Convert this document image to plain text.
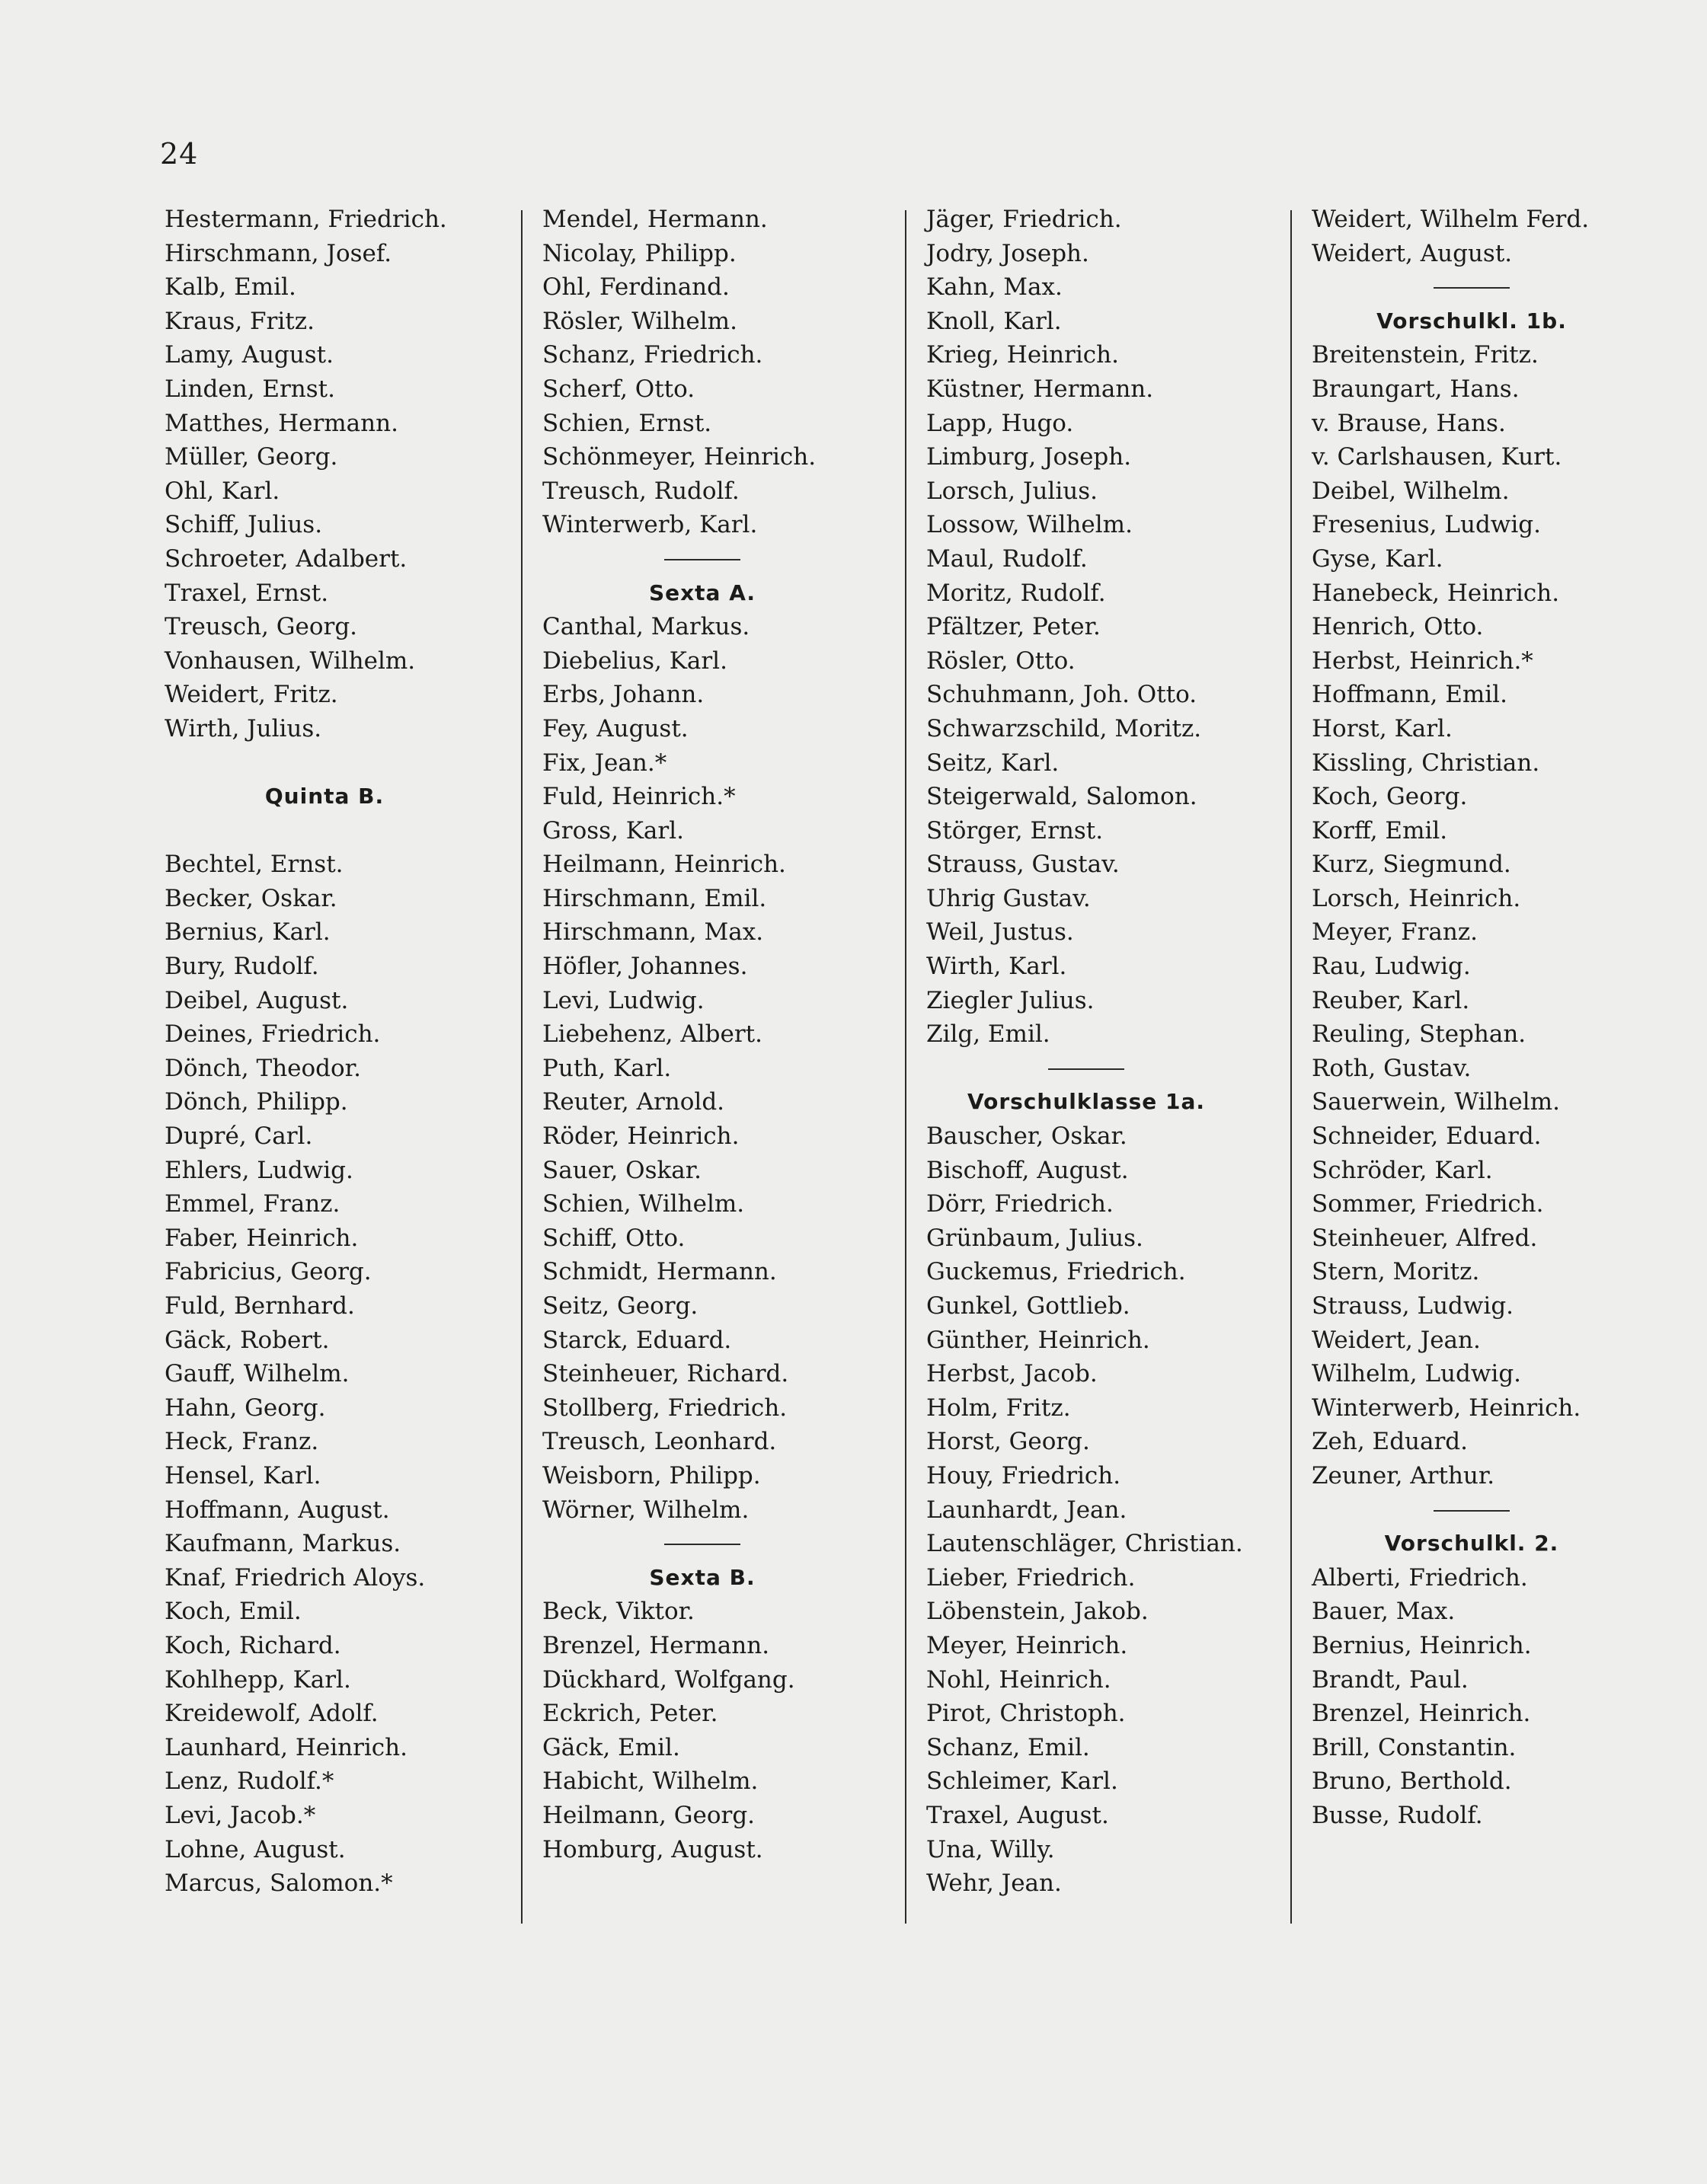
24
Hestermann, Friedrich.
Hirschmann, Josef.
Kalb, Emil.
Kraus, Fritz.
Lamy, August.
Linden, Ernst.
Matthes, Hermann.
Müller, Georg.
Ohl, Karl.
Schiff, Julius.
Schroeter, Adalbert.
Traxel, Ernst.
Treusch, Georg.
Vonhausen, Wilhelm.
Weidert, Fritz.
Wirth, Julius.
Quinta B.
Bechtel, Ernst.
Becker, Oskar.
Bernius, Karl.
Bury, Rudolf.
Deibel, August.
Deines, Friedrich.
Dönch, Theodor.
Dönch, Philipp.
Dupré, Carl.
Ehlers, Ludwig.
Emmel, Franz.
Faber, Heinrich.
Fabricius, Georg.
Fuld, Bernhard.
Gäck, Robert.
Gauff, Wilhelm.
Hahn, Georg.
Heck, Franz.
Hensel, Karl.
Hoffmann, August.
Kaufmann, Markus.
Knaf, Friedrich Aloys.
Koch, Emil.
Koch, Richard.
Kohlhepp, Karl.
Kreidewolf, Adolf.
Launhard, Heinrich.
Lenz, Rudolf.*
Levi, Jacob.*
Lohne, August.
Marcus, Salomon.*
Mendel, Hermann.
Nicolay, Philipp.
Ohl, Ferdinand.
Rösler, Wilhelm.
Schanz, Friedrich.
Scherf, Otto.
Schien, Ernst.
Schönmeyer, Heinrich.
Treusch, Rudolf.
Winterwerb, Karl.
Sexta A.
Canthal, Markus.
Diebelius, Karl.
Erbs, Johann.
Fey, August.
Fix, Jean.*
Fuld, Heinrich.*
Gross, Karl.
Heilmann, Heinrich.
Hirschmann, Emil.
Hirschmann, Max.
Höfler, Johannes.
Levi, Ludwig.
Liebehenz, Albert.
Puth, Karl.
Reuter, Arnold.
Röder, Heinrich.
Sauer, Oskar.
Schien, Wilhelm.
Schiff, Otto.
Schmidt, Hermann.
Seitz, Georg.
Starck, Eduard.
Steinheuer, Richard.
Stollberg, Friedrich.
Treusch, Leonhard.
Weisborn, Philipp.
Wörner, Wilhelm.
Sexta B.
Beck, Viktor.
Brenzel, Hermann.
Dückhard, Wolfgang.
Eckrich, Peter.
Gäck, Emil.
Habicht, Wilhelm.
Heilmann, Georg.
Homburg, August.
Jäger, Friedrich.
Jodry, Joseph.
Kahn, Max.
Knoll, Karl.
Krieg, Heinrich.
Küstner, Hermann.
Lapp, Hugo.
Limburg, Joseph.
Lorsch, Julius.
Lossow, Wilhelm.
Maul, Rudolf.
Moritz, Rudolf.
Pfältzer, Peter.
Rösler, Otto.
Schuhmann, Joh. Otto.
Schwarzschild, Moritz.
Seitz, Karl.
Steigerwald, Salomon.
Störger, Ernst.
Strauss, Gustav.
Uhrig Gustav.
Weil, Justus.
Wirth, Karl.
Ziegler Julius.
Zilg, Emil.
Vorschulklasse 1a.
Bauscher, Oskar.
Bischoff, August.
Dörr, Friedrich.
Grünbaum, Julius.
Guckemus, Friedrich.
Gunkel, Gottlieb.
Günther, Heinrich.
Herbst, Jacob.
Holm, Fritz.
Horst, Georg.
Houy, Friedrich.
Launhardt, Jean.
Lautenschläger, Christian.
Lieber, Friedrich.
Löbenstein, Jakob.
Meyer, Heinrich.
Nohl, Heinrich.
Pirot, Christoph.
Schanz, Emil.
Schleimer, Karl.
Traxel, August.
Una, Willy.
Wehr, Jean.
Weidert, Wilhelm Ferd.
Weidert, August.
Vorschulkl. 1b.
Breitenstein, Fritz.
Braungart, Hans.
v. Brause, Hans.
v. Carlshausen, Kurt.
Deibel, Wilhelm.
Fresenius, Ludwig.
Gyse, Karl.
Hanebeck, Heinrich.
Henrich, Otto.
Herbst, Heinrich.*
Hoffmann, Emil.
Horst, Karl.
Kissling, Christian.
Koch, Georg.
Korff, Emil.
Kurz, Siegmund.
Lorsch, Heinrich.
Meyer, Franz.
Rau, Ludwig.
Reuber, Karl.
Reuling, Stephan.
Roth, Gustav.
Sauerwein, Wilhelm.
Schneider, Eduard.
Schröder, Karl.
Sommer, Friedrich.
Steinheuer, Alfred.
Stern, Moritz.
Strauss, Ludwig.
Weidert, Jean.
Wilhelm, Ludwig.
Winterwerb, Heinrich.
Zeh, Eduard.
Zeuner, Arthur.
Vorschulkl. 2.
Alberti, Friedrich.
Bauer, Max.
Bernius, Heinrich.
Brandt, Paul.
Brenzel, Heinrich.
Brill, Constantin.
Bruno, Berthold.
Busse, Rudolf.
